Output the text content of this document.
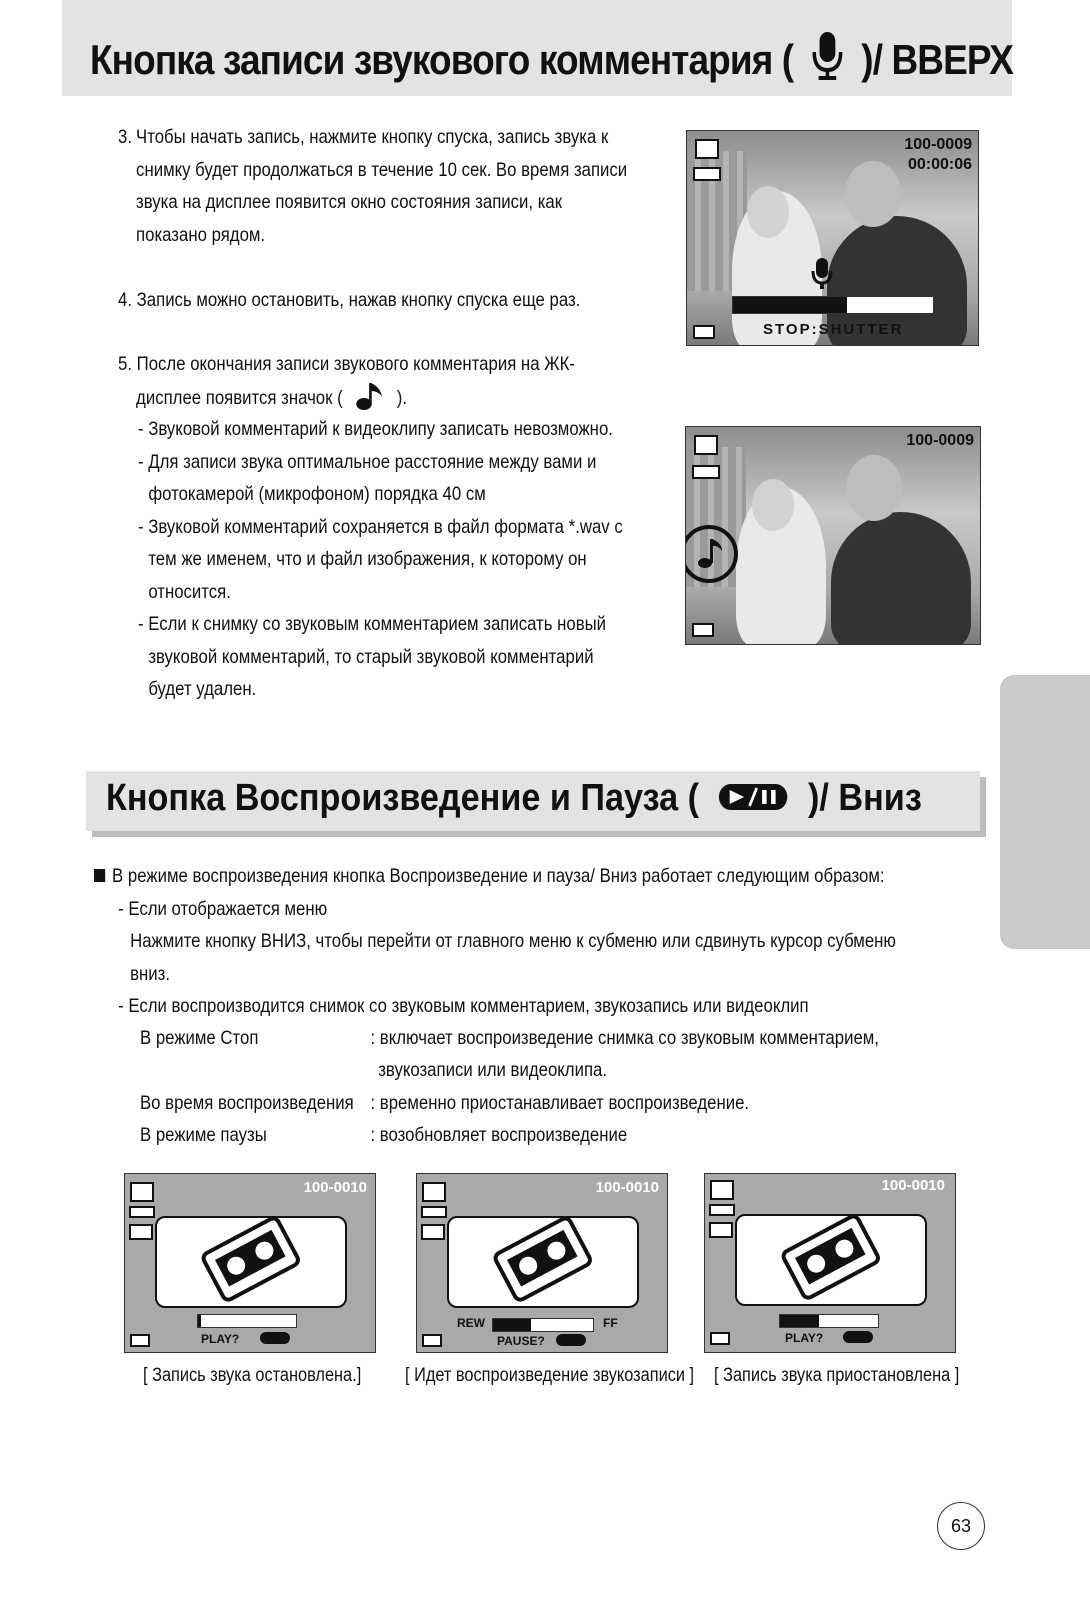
Кнопка записи звукового комментария ( )/ ВВЕРХ
3. Чтобы начать запись, нажмите кнопку спуска, запись звука к
снимку будет продолжаться в течение 10 сек. Во время записи
звука на дисплее появится окно состояния записи, как
показано рядом.
4. Запись можно остановить, нажав кнопку спуска еще раз.
5. После окончания записи звукового комментария на ЖК-
дисплее появится значок (	).
- Звуковой комментарий к видеоклипу записать невозможно.
- Для записи звука оптимальное расстояние между вами и
фотокамерой (микрофоном) порядка 40 см
- Звуковой комментарий сохраняется в файл формата *.wav с
тем же именем, что и файл изображения, к которому он
относится.
- Если к снимку со звуковым комментарием записать новый
звуковой комментарий, то старый звуковой комментарий
будет удален.
100-0009
00:00:06
STOP:SHUTTER
100-0009
Кнопка Воспроизведение и Пауза (	)/ Вниз
В режиме воспроизведения кнопка Воспроизведение и пауза/ Вниз работает следующим образом:
- Если отображается меню
Нажмите кнопку ВНИЗ, чтобы перейти от главного меню к субменю или сдвинуть курсор субменю
вниз.
- Если воспроизводится снимок со звуковым комментарием, звукозапись или видеоклип
В режиме Стоп	: включает воспроизведение снимка со звуковым комментарием,
звукозаписи или видеоклипа.
Во время воспроизведения : временно приостанавливает воспроизведение.
В режиме паузы	: возобновляет воспроизведение
100-0010
PLAY?
100-0010
REW	FF
PAUSE?
100-0010
PLAY?
[ Запись звука остановлена.] [ Идет воспроизведение звукозаписи ] [ Запись звука приостановлена ]
63
